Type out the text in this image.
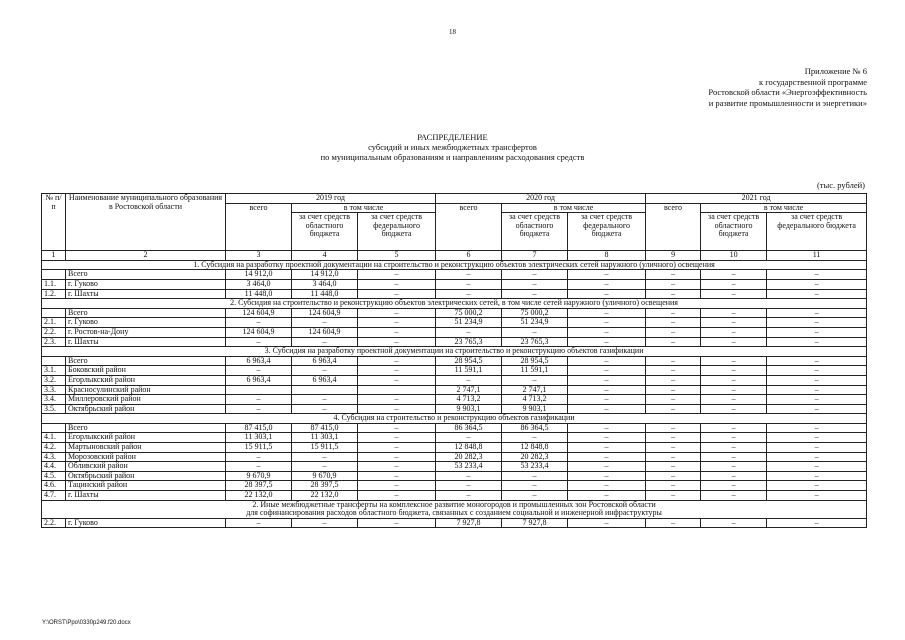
18
Приложение № 6
к государственной программе
Ростовской области «Энергоэффективность
и развитие промышленности и энергетики»
РАСПРЕДЕЛЕНИЕ
субсидий и иных межбюджетных трансфертов
по муниципальным образованиям и направлениям расходования средств
(тыс. рублей)
№ п/п	Наименование муниципального образования в Ростовской области	2019 год			2020 год			2021 год		
		всего	в том числе		всего	в том числе		всего	в том числе	
			за счет средств областного бюджета	за счет средств федерального бюджета		за счет средств областного бюджета	за счет средств федерального бюджета		за счет средств областного бюджета	за счет средств федерального бюджета
1	2	3	4	5	6	7	8	9	10	11
1. Субсидия на разработку проектной документации на строительство и реконструкцию объектов электрических сетей наружного (уличного) освещения										
	Всего	14 912,0	14 912,0	–	–	–	–	–	–	–
1.1.	г. Гуково	3 464,0	3 464,0	–	–	–	–	–	–	–
1.2.	г. Шахты	11 448,0	11 448,0	–	–	–	–	–	–	–
2. Субсидия на строительство и реконструкцию объектов электрических сетей, в том числе сетей наружного (уличного) освещения										
	Всего	124 604,9	124 604,9	–	75 000,2	75 000,2	–	–	–	–
2.1.	г. Гуково	–	–	–	51 234,9	51 234,9	–	–	–	–
2.2.	г. Ростов-на-Дону	124 604,9	124 604,9	–	–	–	–	–	–	–
2.3.	г. Шахты	–	–	–	23 765,3	23 765,3	–	–	–	–
3. Субсидия на разработку проектной документации на строительство и реконструкцию объектов газификации										
	Всего	6 963,4	6 963,4	–	28 954,5	28 954,5	–	–	–	–
3.1.	Боковский район	–	–	–	11 591,1	11 591,1	–	–	–	–
3.2.	Егорлыкский район	6 963,4	6 963,4	–	–	–	–	–	–	–
3.3.	Красносулинский район				2 747,1	2 747,1	–	–	–	–
3.4.	Миллеровский район	–	–	–	4 713,2	4 713,2	–	–	–	–
3.5.	Октябрьский район	–	–	–	9 903,1	9 903,1	–	–	–	–
4. Субсидия на строительство и реконструкцию объектов газификации										
	Всего	87 415,0	87 415,0	–	86 364,5	86 364,5	–	–	–	–
4.1.	Егорлыкский район	11 303,1	11 303,1	–	–	–	–	–	–	–
4.2.	Мартыновский район	15 911,5	15 911,5	–	12 848,8	12 848,8	–	–	–	–
4.3.	Морозовский район	–	–	–	20 282,3	20 282,3	–	–	–	–
4.4.	Обливский район	–	–	–	53 233,4	53 233,4	–	–	–	–
4.5.	Октябрьский район	9 670,9	9 670,9	–	–	–	–	–	–	–
4.6.	Тацинский район	28 397,5	28 397,5	–	–	–	–	–	–	–
4.7.	г. Шахты	22 132,0	22 132,0	–	–	–	–	–	–	–
2. Иные межбюджетные трансферты на комплексное развитие моногородов и промышленных зон Ростовской области
для софинансирования расходов областного бюджета, связанных с созданием социальной и инженерной инфраструктуры										
2.2.	г. Гуково	–	–	–	7 927,8	7 927,8	–	–	–	–
Y:\ORST\Ppo\0330p249.f20.docx
